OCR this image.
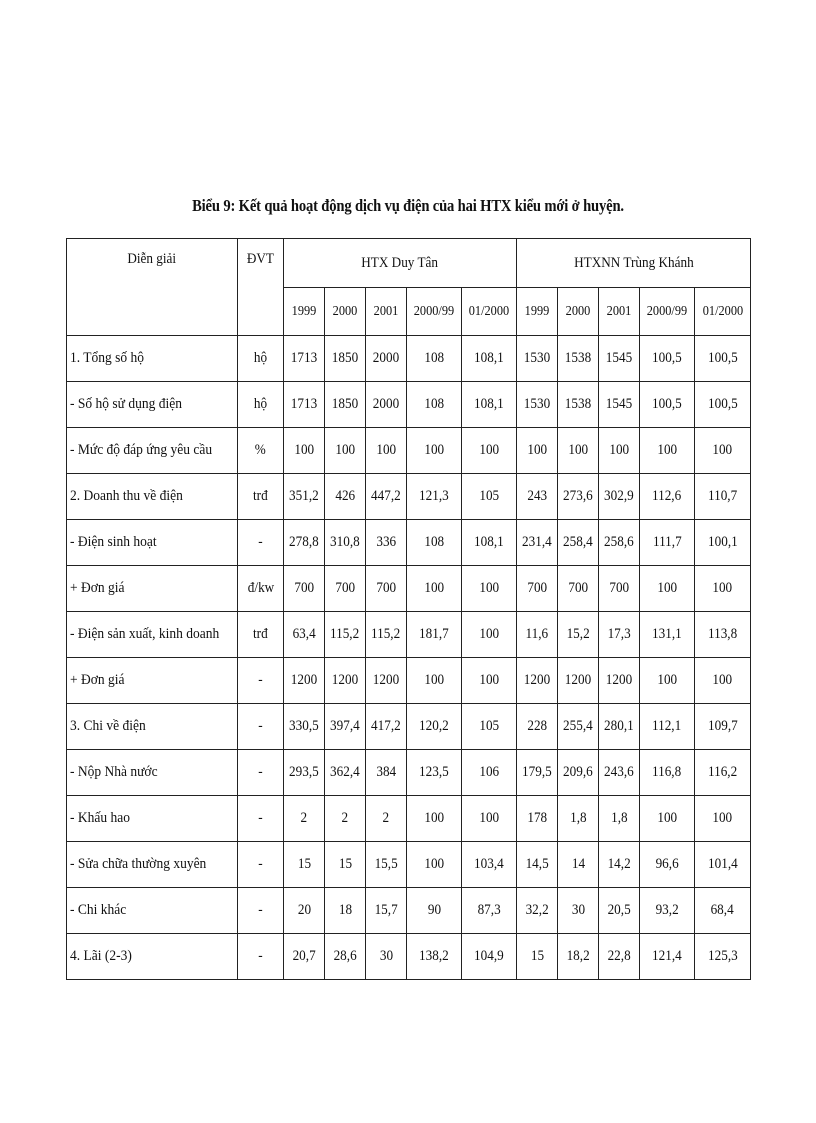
Biểu 9: Kết quả hoạt động dịch vụ điện của hai HTX kiểu mới ở huyện.
Diễn giải	ĐVT	HTX Duy Tân					HTXNN Trùng Khánh				
		1999	2000	2001	2000/99	01/2000	1999	2000	2001	2000/99	01/2000
1. Tổng số hộ	hộ	1713	1850	2000	108	108,1	1530	1538	1545	100,5	100,5
- Số hộ sử dụng điện	hộ	1713	1850	2000	108	108,1	1530	1538	1545	100,5	100,5
- Mức độ đáp ứng yêu cầu	%	100	100	100	100	100	100	100	100	100	100
2. Doanh thu về điện	trđ	351,2	426	447,2	121,3	105	243	273,6	302,9	112,6	110,7
- Điện sinh hoạt	-	278,8	310,8	336	108	108,1	231,4	258,4	258,6	111,7	100,1
+ Đơn giá	đ/kw	700	700	700	100	100	700	700	700	100	100
- Điện sản xuất, kinh doanh	trđ	63,4	115,2	115,2	181,7	100	11,6	15,2	17,3	131,1	113,8
+ Đơn giá	-	1200	1200	1200	100	100	1200	1200	1200	100	100
3. Chi về điện	-	330,5	397,4	417,2	120,2	105	228	255,4	280,1	112,1	109,7
- Nộp Nhà nước	-	293,5	362,4	384	123,5	106	179,5	209,6	243,6	116,8	116,2
- Khấu hao	-	2	2	2	100	100	178	1,8	1,8	100	100
- Sửa chữa thường xuyên	-	15	15	15,5	100	103,4	14,5	14	14,2	96,6	101,4
- Chi khác	-	20	18	15,7	90	87,3	32,2	30	20,5	93,2	68,4
4. Lãi (2-3)	-	20,7	28,6	30	138,2	104,9	15	18,2	22,8	121,4	125,3
